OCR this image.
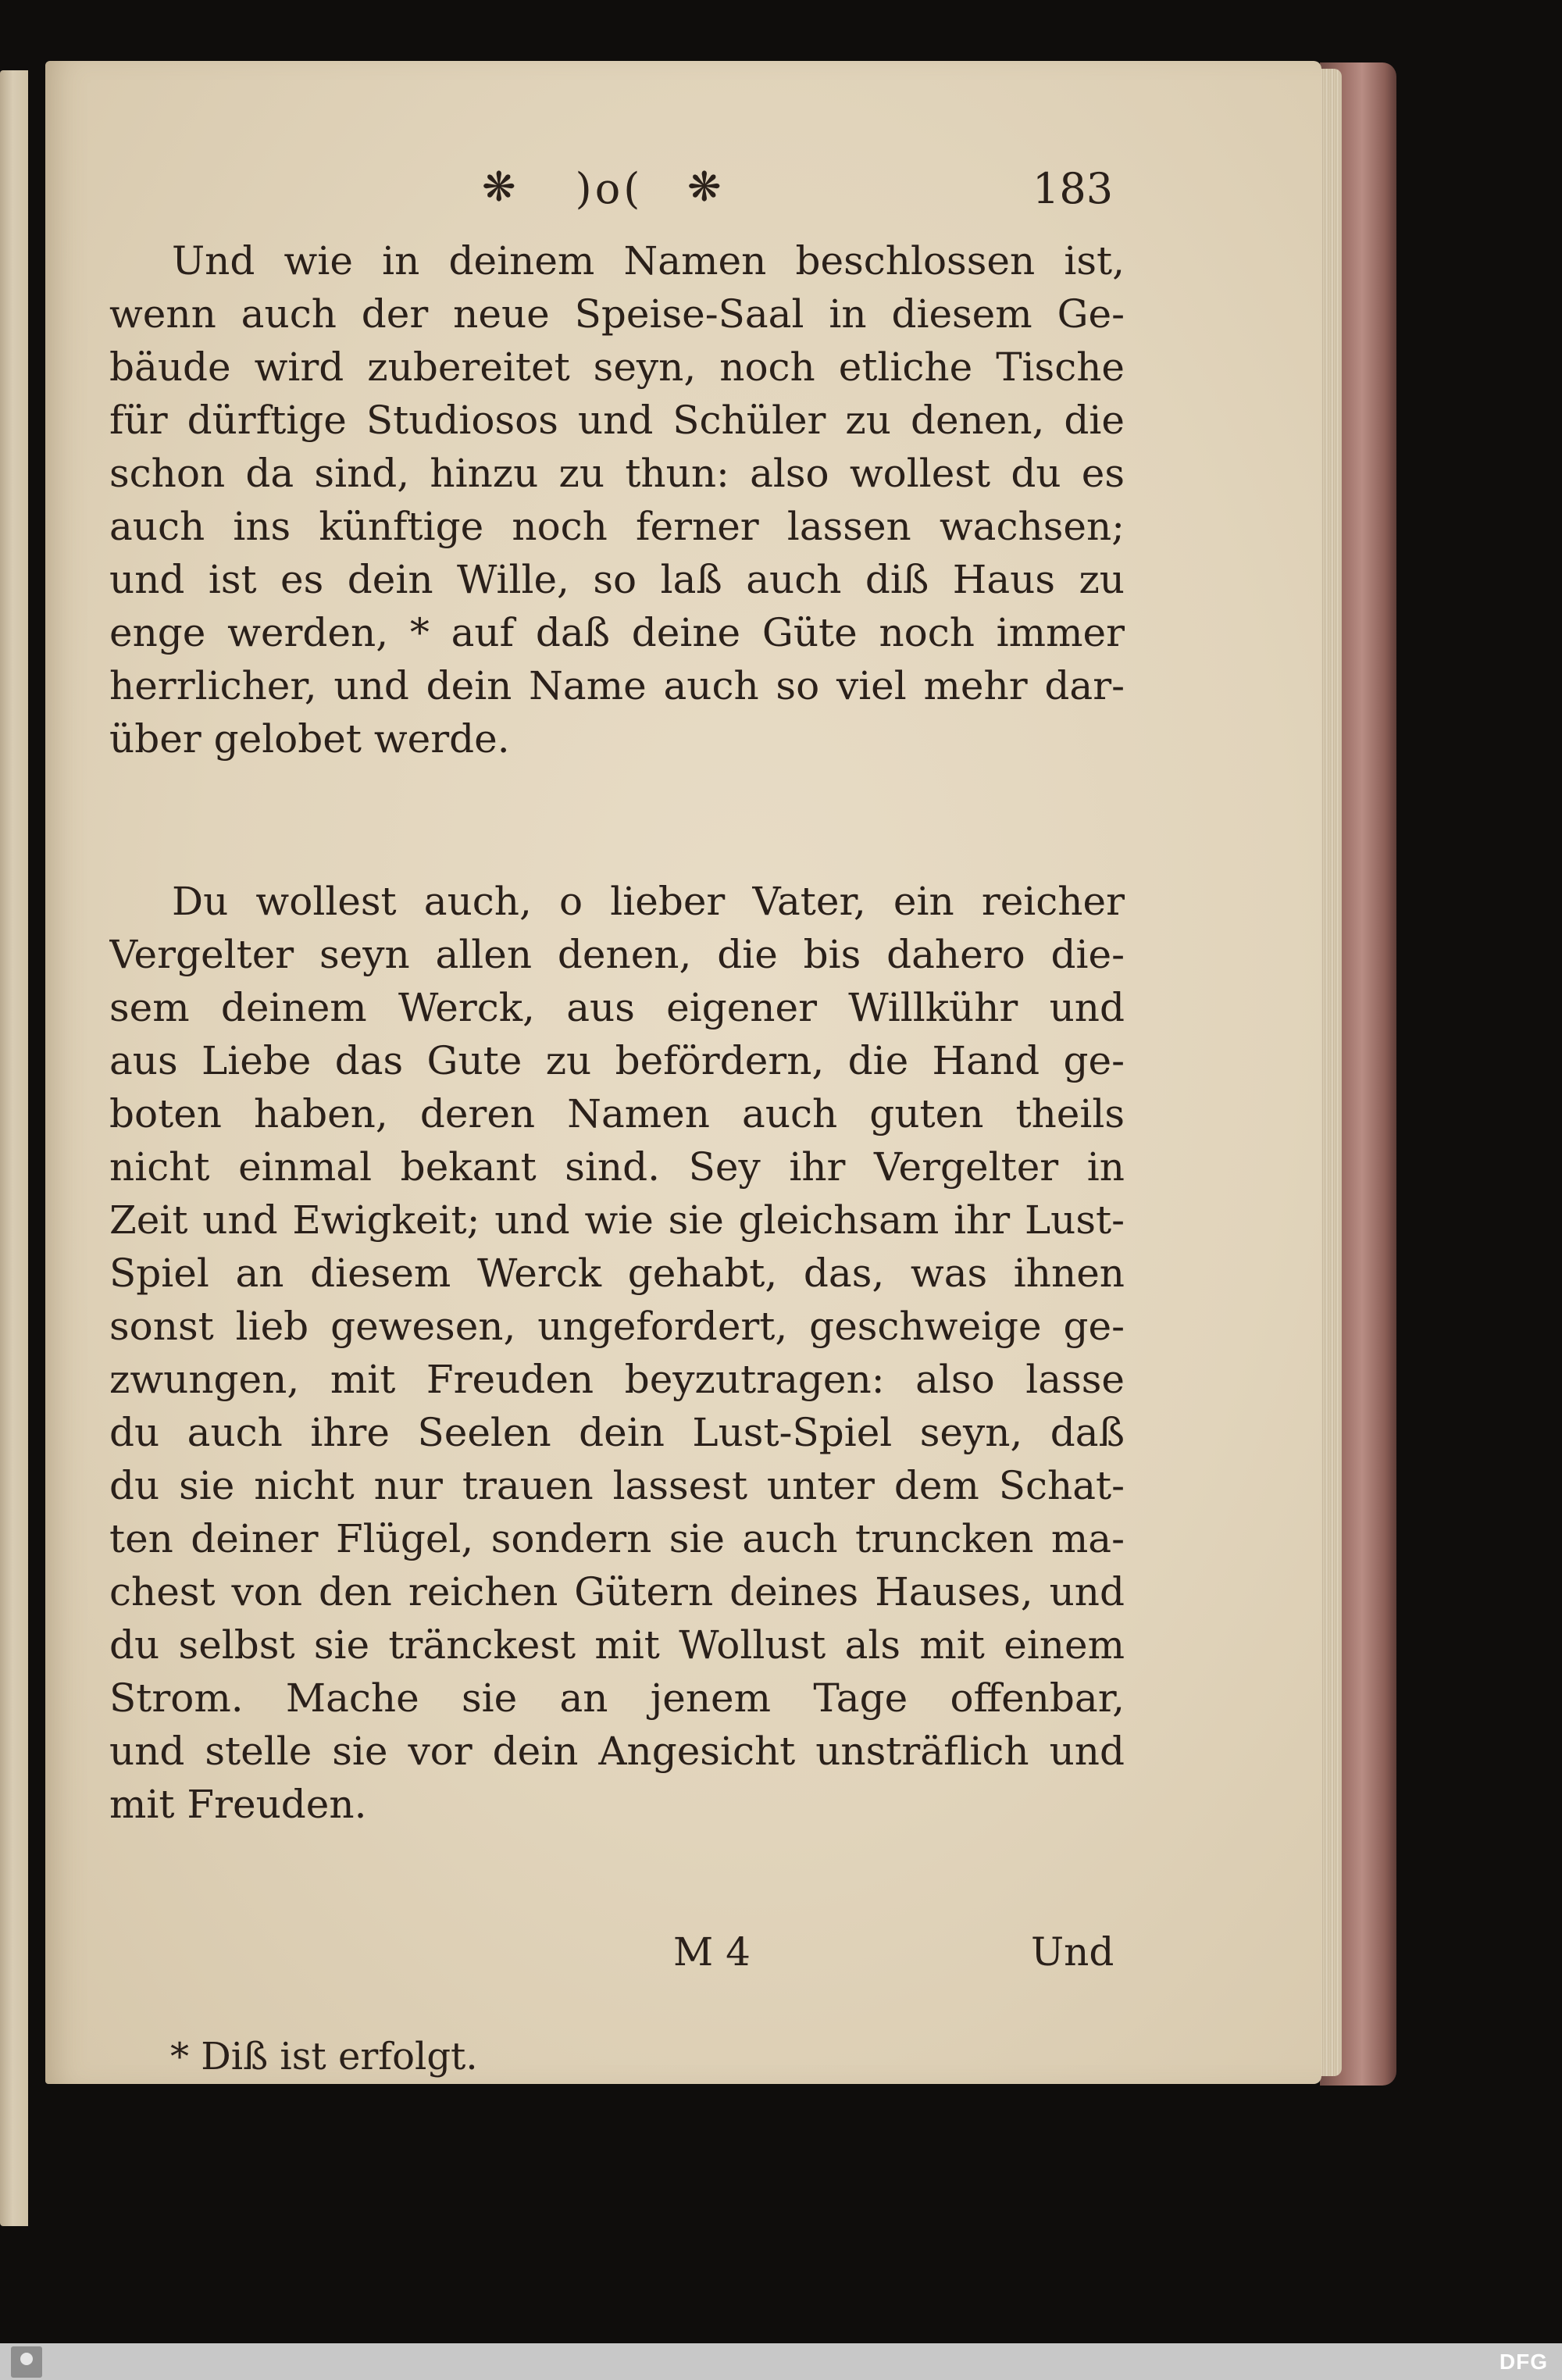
❋	)o(	❋	183
Und wie in deinem Namen beschlossen ist,
wenn auch der neue Speise-Saal in diesem Ge-
bäude wird zubereitet seyn, noch etliche Tische
für dürftige Studiosos und Schüler zu denen, die
schon da sind, hinzu zu thun: also wollest du es
auch ins künftige noch ferner lassen wachsen;
und ist es dein Wille, so laß auch diß Haus zu
enge werden, * auf daß deine Güte noch immer
herrlicher, und dein Name auch so viel mehr dar-
über gelobet werde.
Du wollest auch, o lieber Vater, ein reicher
Vergelter seyn allen denen, die bis dahero die-
sem deinem Werck, aus eigener Willkühr und
aus Liebe das Gute zu befördern, die Hand ge-
boten haben, deren Namen auch guten theils
nicht einmal bekant sind. Sey ihr Vergelter in
Zeit und Ewigkeit; und wie sie gleichsam ihr Lust-
Spiel an diesem Werck gehabt, das, was ihnen
sonst lieb gewesen, ungefordert, geschweige ge-
zwungen, mit Freuden beyzutragen: also lasse
du auch ihre Seelen dein Lust-Spiel seyn, daß
du sie nicht nur trauen lassest unter dem Schat-
ten deiner Flügel, sondern sie auch truncken ma-
chest von den reichen Gütern deines Hauses, und
du selbst sie tränckest mit Wollust als mit einem
Strom. Mache sie an jenem Tage offenbar,
und stelle sie vor dein Angesicht unsträflich und
mit Freuden.
M 4	Und
* Diß ist erfolgt.
DFG
